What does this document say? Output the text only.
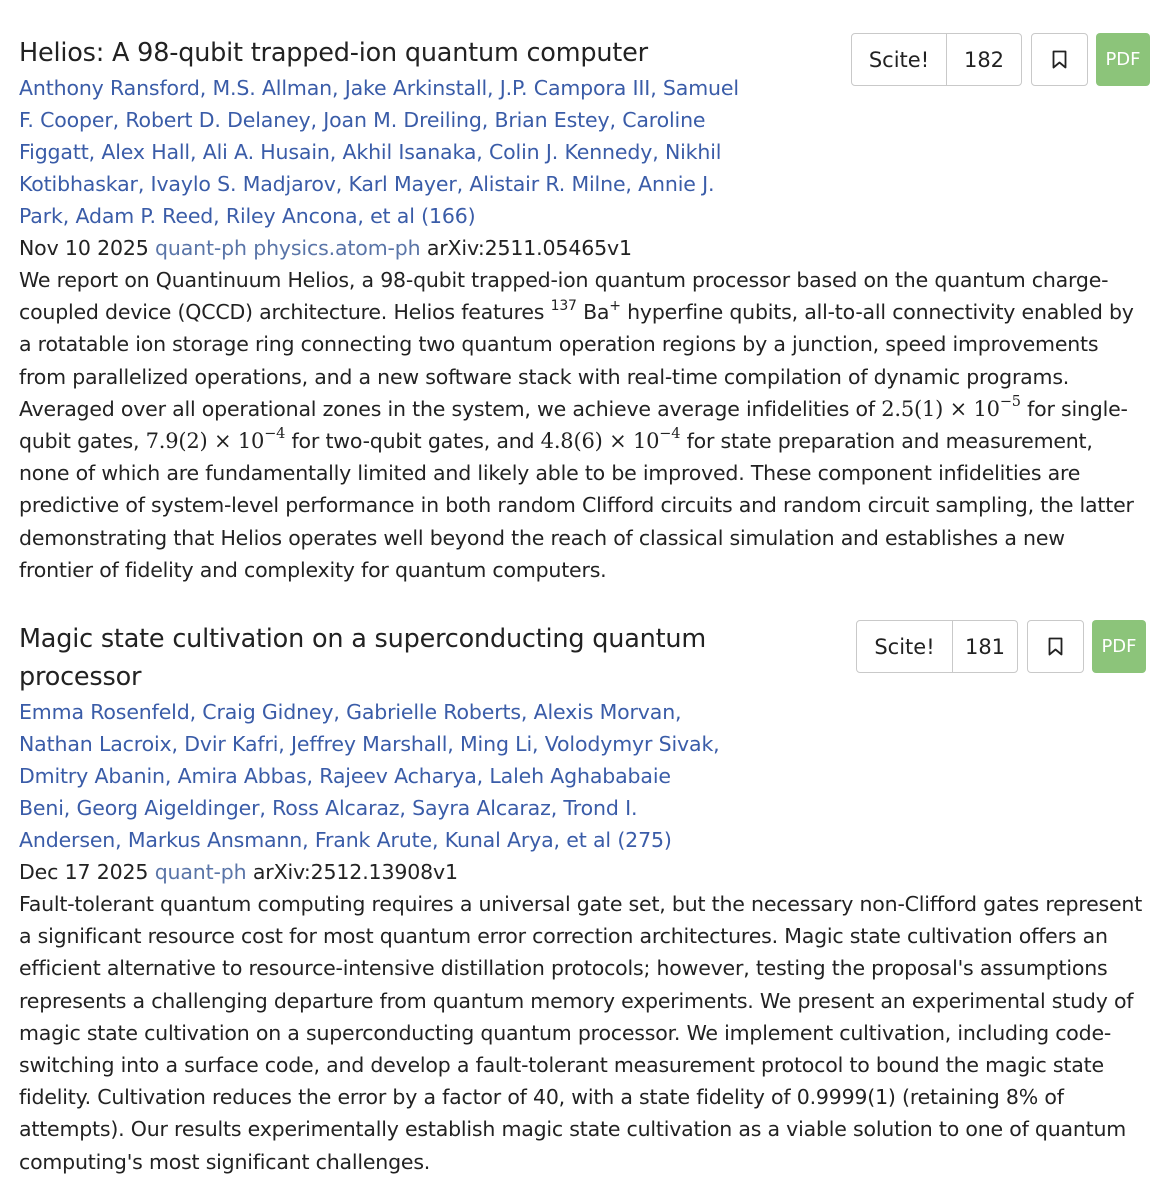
Helios: A 98-qubit trapped-ion quantum computer

Anthony Ransford, M.S. Allman, Jake Arkinstall, J.P. Campora III, Samuel F. Cooper, Robert D. Delaney, Joan M. Dreiling, Brian Estey, Caroline Figgatt, Alex Hall, Ali A. Husain, Akhil Isanaka, Colin J. Kennedy, Nikhil Kotibhaskar, Ivaylo S. Madjarov, Karl Mayer, Alistair R. Milne, Annie J. Park, Adam P. Reed, Riley Ancona, et al (166)

Nov 10 2025 quant-ph physics.atom-ph arXiv:2511.05465v1

We report on Quantinuum Helios, a 98-qubit trapped-ion quantum processor based on the quantum charge-coupled device (QCCD) architecture. Helios features $^{137}$ Ba+ hyperfine qubits, all-to-all connectivity enabled by a rotatable ion storage ring connecting two quantum operation regions by a junction, speed improvements from parallelized operations, and a new software stack with real-time compilation of dynamic programs. Averaged over all operational zones in the system, we achieve average infidelities of $2.5(1) \times 10^{-5}$ for single-qubit gates, $7.9(2) \times 10^{-4}$ for two-qubit gates, and $4.8(6) \times 10^{-4}$ for state preparation and measurement, none of which are fundamentally limited and likely able to be improved. These component infidelities are predictive of system-level performance in both random Clifford circuits and random circuit sampling, the latter demonstrating that Helios operates well beyond the reach of classical simulation and establishes a new frontier of fidelity and complexity for quantum computers.

Scite!	182	PDF
Magic state cultivation on a superconducting quantum processor

Emma Rosenfeld, Craig Gidney, Gabrielle Roberts, Alexis Morvan, Nathan Lacroix, Dvir Kafri, Jeffrey Marshall, Ming Li, Volodymyr Sivak, Dmitry Abanin, Amira Abbas, Rajeev Acharya, Laleh Aghababaie Beni, Georg Aigeldinger, Ross Alcaraz, Sayra Alcaraz, Trond I. Andersen, Markus Ansmann, Frank Arute, Kunal Arya, et al (275)

Dec 17 2025 quant-ph arXiv:2512.13908v1

Fault-tolerant quantum computing requires a universal gate set, but the necessary non-Clifford gates represent a significant resource cost for most quantum error correction architectures. Magic state cultivation offers an efficient alternative to resource-intensive distillation protocols; however, testing the proposal's assumptions represents a challenging departure from quantum memory experiments. We present an experimental study of magic state cultivation on a superconducting quantum processor. We implement cultivation, including code-switching into a surface code, and develop a fault-tolerant measurement protocol to bound the magic state fidelity. Cultivation reduces the error by a factor of 40, with a state fidelity of 0.9999(1) (retaining 8% of attempts). Our results experimentally establish magic state cultivation as a viable solution to one of quantum computing's most significant challenges.

Scite!	181	PDF
